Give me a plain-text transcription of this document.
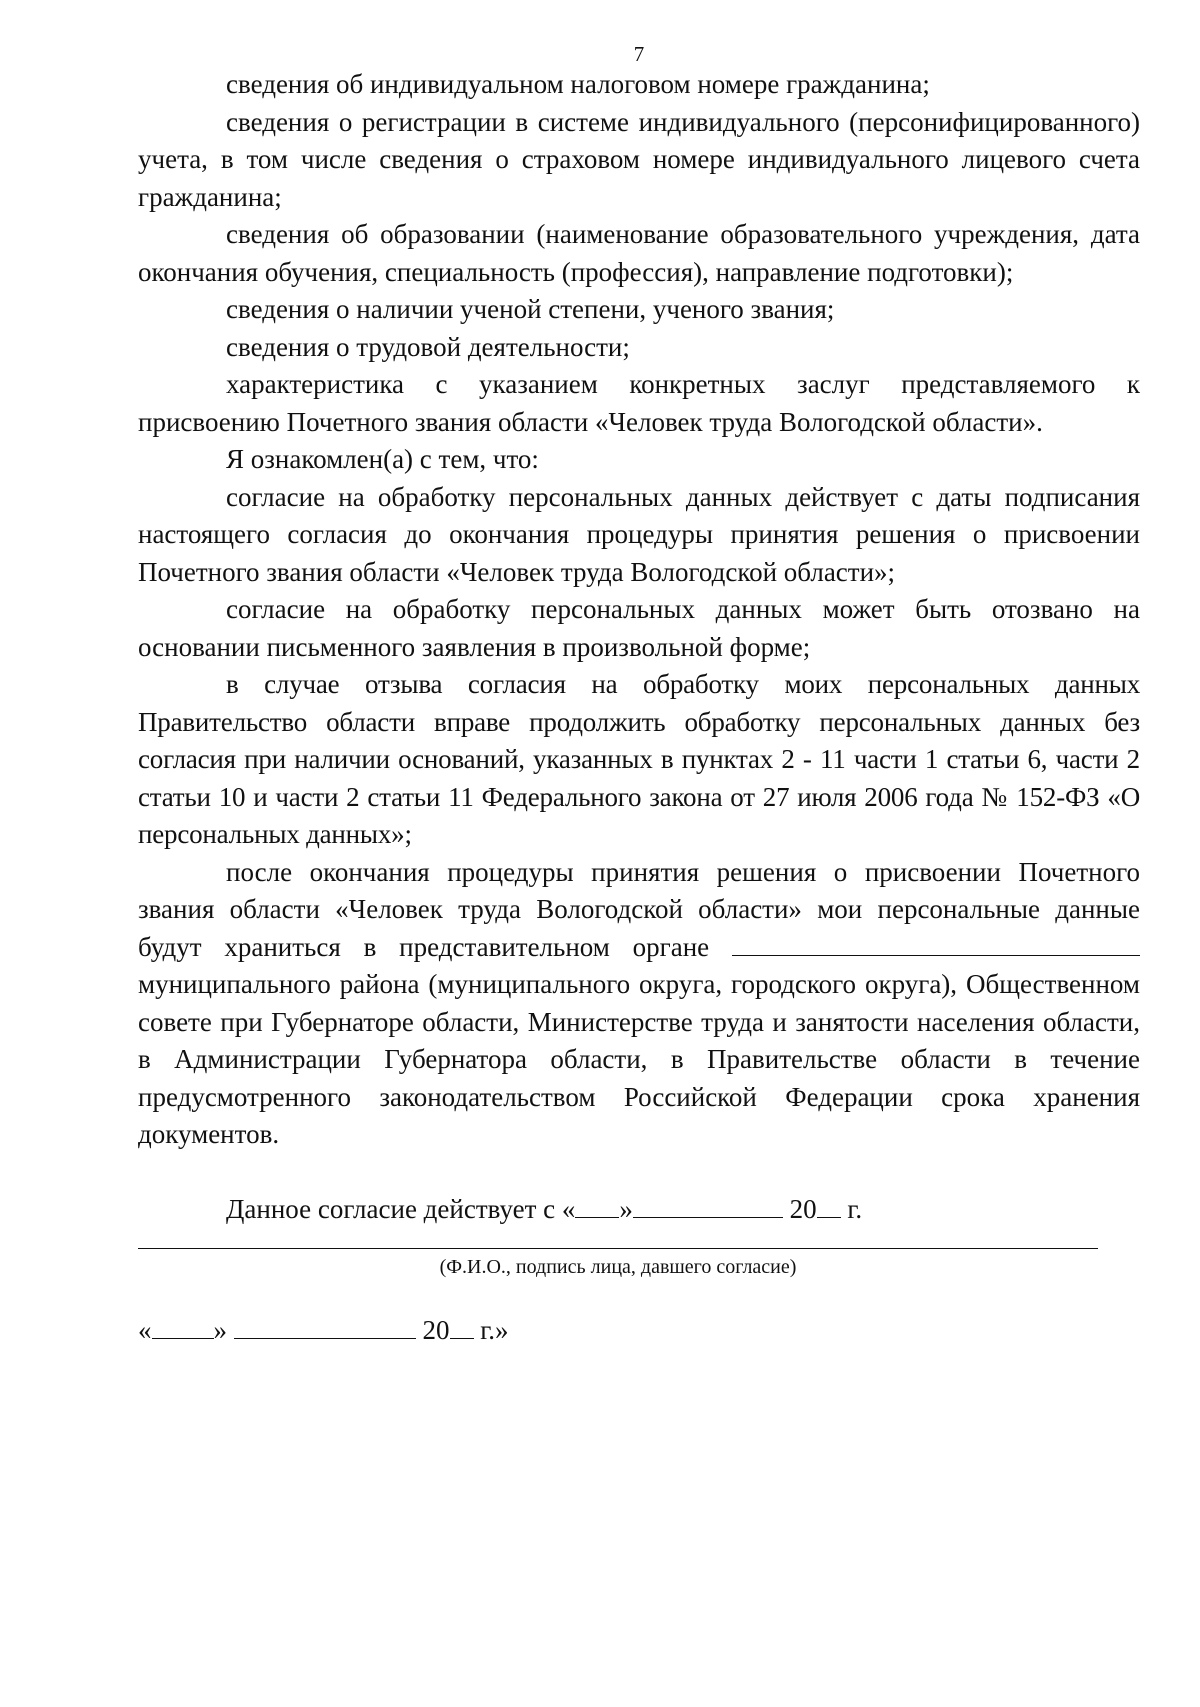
7

сведения об индивидуальном налоговом номере гражданина;

сведения о регистрации в системе индивидуального (персонифицированного) учета, в том числе сведения о страховом номере индивидуального лицевого счета гражданина;

сведения об образовании (наименование образовательного учреждения, дата окончания обучения, специальность (профессия), направление подготовки);

сведения о наличии ученой степени, ученого звания;

сведения о трудовой деятельности;

характеристика с указанием конкретных заслуг представляемого к присвоению Почетного звания области «Человек труда Вологодской области».

Я ознакомлен(а) с тем, что:

согласие на обработку персональных данных действует с даты подписания настоящего согласия до окончания процедуры принятия решения о присвоении Почетного звания области «Человек труда Вологодской области»;

согласие на обработку персональных данных может быть отозвано на основании письменного заявления в произвольной форме;

в случае отзыва согласия на обработку моих персональных данных Правительство области вправе продолжить обработку персональных данных без согласия при наличии оснований, указанных в пунктах 2 - 11 части 1 статьи 6, части 2 статьи 10 и части 2 статьи 11 Федерального закона от 27 июля 2006 года № 152-ФЗ «О персональных данных»;

после окончания процедуры принятия решения о присвоении Почетного звания области «Человек труда Вологодской области» мои персональные данные будут храниться в представительном органе  муниципального района (муниципального округа, городского округа), Общественном совете при Губернаторе области, Министерстве труда и занятости населения области, в Администрации Губернатора области, в Правительстве области в течение предусмотренного законодательством Российской Федерации срока хранения документов.

Данное согласие действует с « »	20 г.
(Ф.И.О., подпись лица, давшего согласие)
« »	20 г.»
